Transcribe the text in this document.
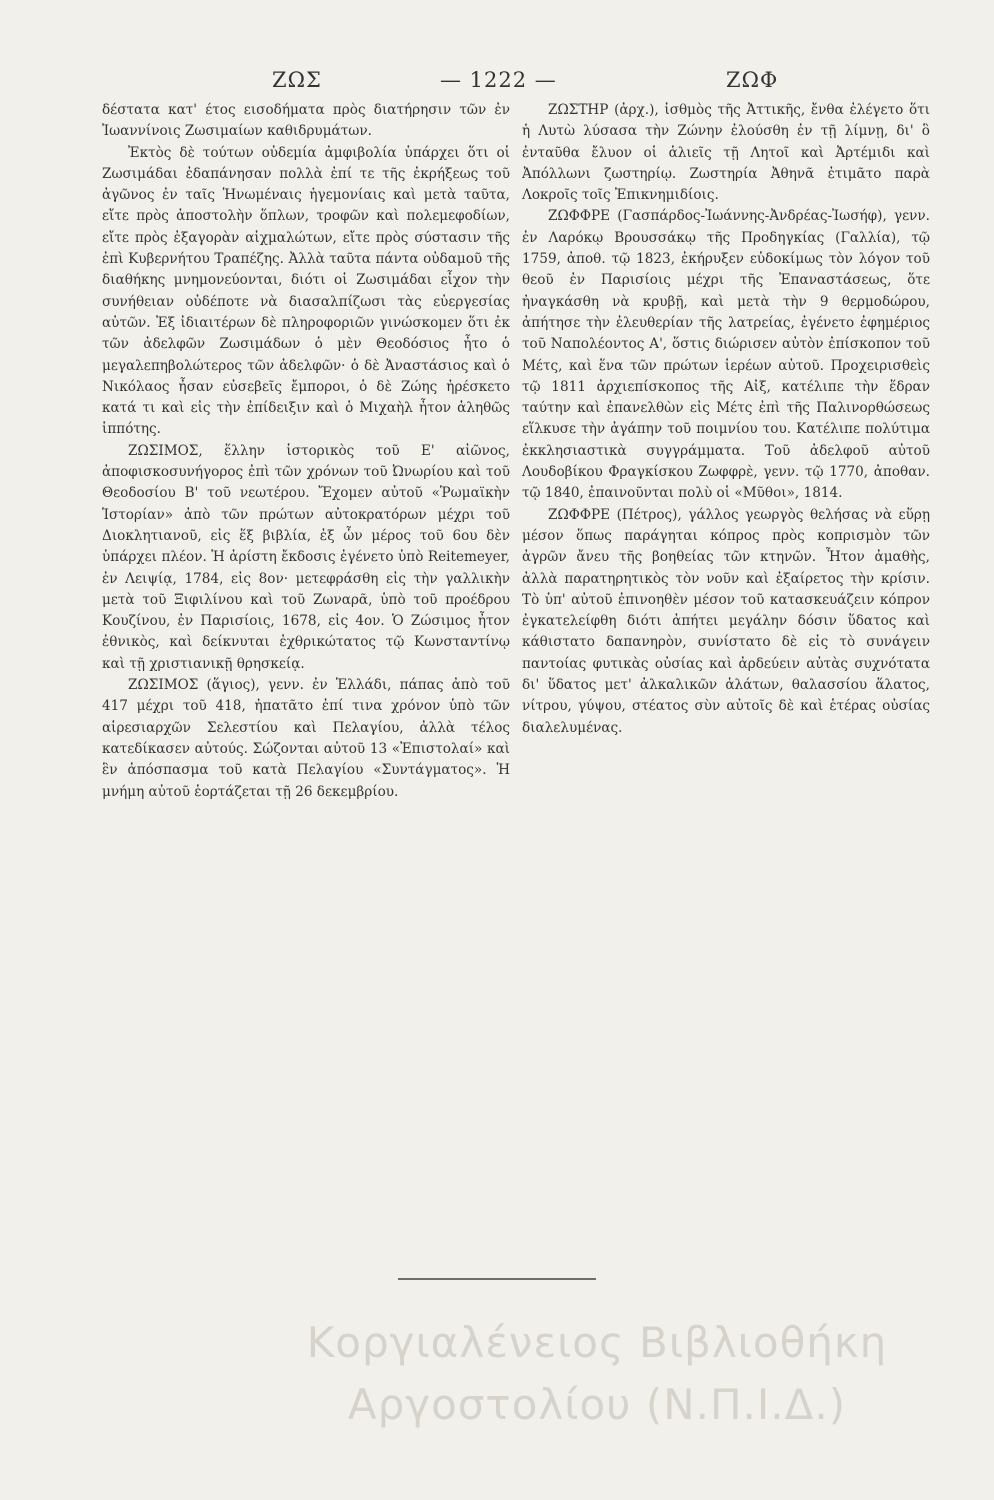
ΖΩΣ	— 1222 —	ΖΩΦ

δέστατα κατ' έτος εισοδήματα πρὸς διατήρησιν τῶν ἐν Ἰωαννίνοις Ζωσιμαίων καθιδρυμάτων.

Ἐκτὸς δὲ τούτων οὐδεμία ἀμφιβολία ὑπάρχει ὅτι οἱ Ζωσιμάδαι ἐδαπάνησαν πολλὰ ἐπί τε τῆς ἐκρήξεως τοῦ ἀγῶνος ἐν ταῖς Ἡνωμέναις ἡγεμονίαις καὶ μετὰ ταῦτα, εἴτε πρὸς ἀποστολὴν ὅπλων, τροφῶν καὶ πολεμεφοδίων, εἴτε πρὸς ἐξαγορὰν αἰχμαλώτων, εἴτε πρὸς σύστασιν τῆς ἐπὶ Κυβερνήτου Τραπέζης. Ἀλλὰ ταῦτα πάντα οὐδαμοῦ τῆς διαθήκης μνημονεύονται, διότι οἱ Ζωσιμάδαι εἶχον τὴν συνήθειαν οὐδέποτε νὰ διασαλπίζωσι τὰς εὐεργεσίας αὐτῶν. Ἐξ ἰδιαιτέρων δὲ πληροφοριῶν γινώσκομεν ὅτι ἐκ τῶν ἀδελφῶν Ζωσιμάδων ὁ μὲν Θεοδόσιος ἦτο ὁ μεγαλεπηβολώτερος τῶν ἀδελφῶν· ὁ δὲ Ἀναστάσιος καὶ ὁ Νικόλαος ἦσαν εὐσεβεῖς ἔμποροι, ὁ δὲ Ζώης ἠρέσκετο κατά τι καὶ εἰς τὴν ἐπίδειξιν καὶ ὁ Μιχαὴλ ἦτον ἀληθῶς ἱππότης.

ΖΩΣΙΜΟΣ, ἕλλην ἱστορικὸς τοῦ Ε' αἰῶνος, ἀποφισκοσυνήγορος ἐπὶ τῶν χρόνων τοῦ Ὠνωρίου καὶ τοῦ Θεοδοσίου Β' τοῦ νεωτέρου. Ἔχομεν αὐτοῦ «Ῥωμαϊκὴν Ἱστορίαν» ἀπὸ τῶν πρώτων αὐτοκρατόρων μέχρι τοῦ Διοκλητιανοῦ, εἰς ἕξ βιβλία, ἐξ ὧν μέρος τοῦ 6ου δὲν ὑπάρχει πλέον. Ἡ ἀρίστη ἔκδοσις ἐγένετο ὑπὸ Reitemeyer, ἐν Λειψίᾳ, 1784, εἰς 8ον· μετεφράσθη εἰς τὴν γαλλικὴν μετὰ τοῦ Ξιφιλίνου καὶ τοῦ Ζωναρᾶ, ὑπὸ τοῦ προέδρου Κουζίνου, ἐν Παρισίοις, 1678, εἰς 4ον. Ὁ Ζώσιμος ἦτον ἐθνικὸς, καὶ δείκνυται ἐχθρικώτατος τῷ Κωνσταντίνῳ καὶ τῇ χριστιανικῇ θρησκείᾳ.

ΖΩΣΙΜΟΣ (ἅγιος), γενν. ἐν Ἑλλάδι, πάπας ἀπὸ τοῦ 417 μέχρι τοῦ 418, ἠπατᾶτο ἐπί τινα χρόνον ὑπὸ τῶν αἱρεσιαρχῶν Σελεστίου καὶ Πελαγίου, ἀλλὰ τέλος κατεδίκασεν αὐτούς. Σώζονται αὐτοῦ 13 «Ἐπιστολαί» καὶ ἓν ἀπόσπασμα τοῦ κατὰ Πελαγίου «Συντάγματος». Ἡ μνήμη αὐτοῦ ἑορτάζεται τῇ 26 δεκεμβρίου.

ΖΩΣΤΗΡ (ἀρχ.), ἰσθμὸς τῆς Ἀττικῆς, ἔνθα ἐλέγετο ὅτι ἡ Λυτὼ λύσασα τὴν Ζώνην ἐλούσθη ἐν τῇ λίμνῃ, δι' ὃ ἐνταῦθα ἔλυον οἱ ἁλιεῖς τῇ Λητοῖ καὶ Ἀρτέμιδι καὶ Ἀπόλλωνι ζωστηρίῳ. Ζωστηρία Ἀθηνᾶ ἐτιμᾶτο παρὰ Λοκροῖς τοῖς Ἐπικνημιδίοις.

ΖΩΦΦΡΕ (Γασπάρδος-Ἰωάννης-Ἀνδρέας-Ἰωσήφ), γενν. ἐν Λαρόκῳ Βρουσσάκῳ τῆς Προδηγκίας (Γαλλία), τῷ 1759, ἀποθ. τῷ 1823, ἐκήρυξεν εὐδοκίμως τὸν λόγον τοῦ θεοῦ ἐν Παρισίοις μέχρι τῆς Ἐπαναστάσεως, ὅτε ἠναγκάσθη νὰ κρυβῇ, καὶ μετὰ τὴν 9 θερμοδώρου, ἀπήτησε τὴν ἐλευθερίαν τῆς λατρείας, ἐγένετο ἐφημέριος τοῦ Ναπολέοντος Α', ὅστις διώρισεν αὐτὸν ἐπίσκοπον τοῦ Μέτς, καὶ ἕνα τῶν πρώτων ἱερέων αὐτοῦ. Προχειρισθεὶς τῷ 1811 ἀρχιεπίσκοπος τῆς Αἰξ, κατέλιπε τὴν ἕδραν ταύτην καὶ ἐπανελθὼν εἰς Μέτς ἐπὶ τῆς Παλινορθώσεως εἵλκυσε τὴν ἀγάπην τοῦ ποιμνίου του. Κατέλιπε πολύτιμα ἐκκλησιαστικὰ συγγράμματα. Τοῦ ἀδελφοῦ αὐτοῦ Λουδοβίκου Φραγκίσκου Ζωφφρὲ, γενν. τῷ 1770, ἀποθαν. τῷ 1840, ἐπαινοῦνται πολὺ οἱ «Μῦθοι», 1814.

ΖΩΦΦΡΕ (Πέτρος), γάλλος γεωργὸς θελήσας νὰ εὕρῃ μέσον ὅπως παράγηται κόπρος πρὸς κοπρισμὸν τῶν ἀγρῶν ἄνευ τῆς βοηθείας τῶν κτηνῶν. Ἦτον ἀμαθὴς, ἀλλὰ παρατηρητικὸς τὸν νοῦν καὶ ἐξαίρετος τὴν κρίσιν. Τὸ ὑπ' αὐτοῦ ἐπινοηθὲν μέσον τοῦ κατασκευάζειν κόπρον ἐγκατελείφθη διότι ἀπήτει μεγάλην δόσιν ὕδατος καὶ κάθιστατο δαπανηρὸν, συνίστατο δὲ εἰς τὸ συνάγειν παντοίας φυτικὰς οὐσίας καὶ ἀρδεύειν αὐτὰς συχνότατα δι' ὕδατος μετ' ἀλκαλικῶν ἁλάτων, θαλασσίου ἅλατος, νίτρου, γύψου, στέατος σὺν αὐτοῖς δὲ καὶ ἑτέρας οὐσίας διαλελυμένας.

Κοργιαλένειος Βιβλιοθήκη
Αργοστολίου (Ν.Π.Ι.Δ.)
